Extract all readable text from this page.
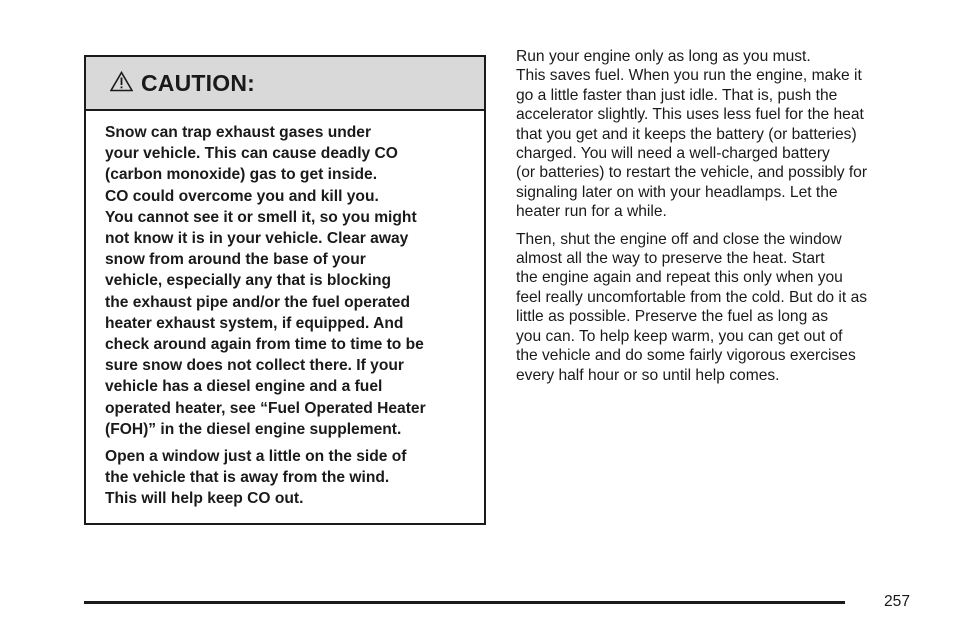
CAUTION:

Snow can trap exhaust gases under
your vehicle. This can cause deadly CO
(carbon monoxide) gas to get inside.
CO could overcome you and kill you.
You cannot see it or smell it, so you might
not know it is in your vehicle. Clear away
snow from around the base of your
vehicle, especially any that is blocking
the exhaust pipe and/or the fuel operated
heater exhaust system, if equipped. And
check around again from time to time to be
sure snow does not collect there. If your
vehicle has a diesel engine and a fuel
operated heater, see “Fuel Operated Heater
(FOH)” in the diesel engine supplement.

Open a window just a little on the side of
the vehicle that is away from the wind.
This will help keep CO out.

Run your engine only as long as you must.
This saves fuel. When you run the engine, make it
go a little faster than just idle. That is, push the
accelerator slightly. This uses less fuel for the heat
that you get and it keeps the battery (or batteries)
charged. You will need a well-charged battery
(or batteries) to restart the vehicle, and possibly for
signaling later on with your headlamps. Let the
heater run for a while.

Then, shut the engine off and close the window
almost all the way to preserve the heat. Start
the engine again and repeat this only when you
feel really uncomfortable from the cold. But do it as
little as possible. Preserve the fuel as long as
you can. To help keep warm, you can get out of
the vehicle and do some fairly vigorous exercises
every half hour or so until help comes.

257
